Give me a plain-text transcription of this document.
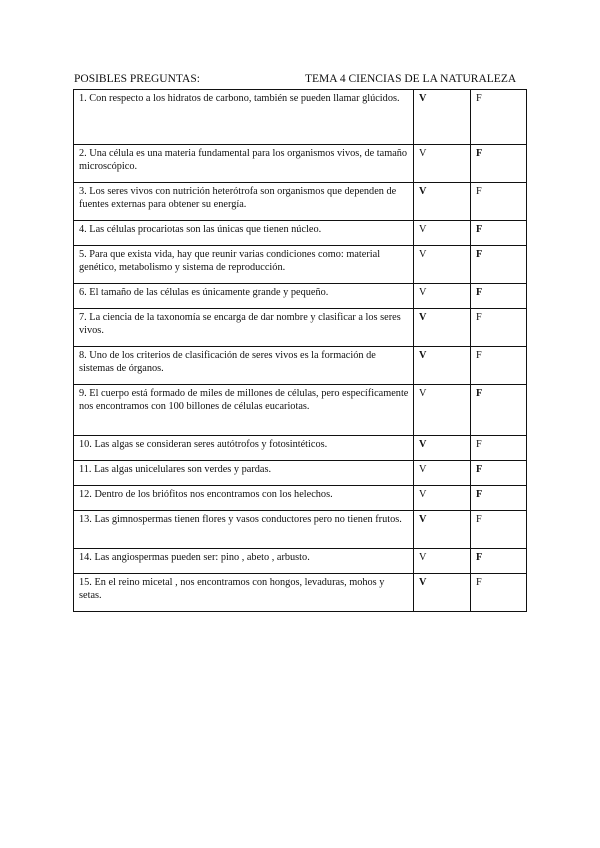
POSIBLES PREGUNTAS:	TEMA 4 CIENCIAS DE LA NATURALEZA
1. Con respecto a los hidratos de carbono, también se pueden llamar glúcidos.	V	F
2. Una célula es una materia fundamental para los organismos vivos, de tamaño microscópico.	V	F
3. Los seres vivos con nutrición heterótrofa son organismos que dependen de fuentes externas para obtener su energía.	V	F
4. Las células procariotas son las únicas que tienen núcleo.	V	F
5. Para que exista vida, hay que reunir varias condiciones como: material genético, metabolismo y sistema de reproducción.	V	F
6. El tamaño de las células es únicamente grande y pequeño.	V	F
7. La ciencia de la taxonomía se encarga de dar nombre y clasificar a los seres vivos.	V	F
8. Uno de los criterios de clasificación de seres vivos es la formación de sistemas de órganos.	V	F
9. El cuerpo está formado de miles de millones de células, pero específicamente nos encontramos con 100 billones de células eucariotas.	V	F
10. Las algas se consideran seres autótrofos y fotosintéticos.	V	F
11. Las algas unicelulares son verdes y pardas.	V	F
12. Dentro de los briófitos nos encontramos con los helechos.	V	F
13. Las gimnospermas tienen flores y vasos conductores pero no tienen frutos.	V	F
14. Las angiospermas pueden ser: pino , abeto , arbusto.	V	F
15. En el reino micetal , nos encontramos con hongos, levaduras, mohos y setas.	V	F
